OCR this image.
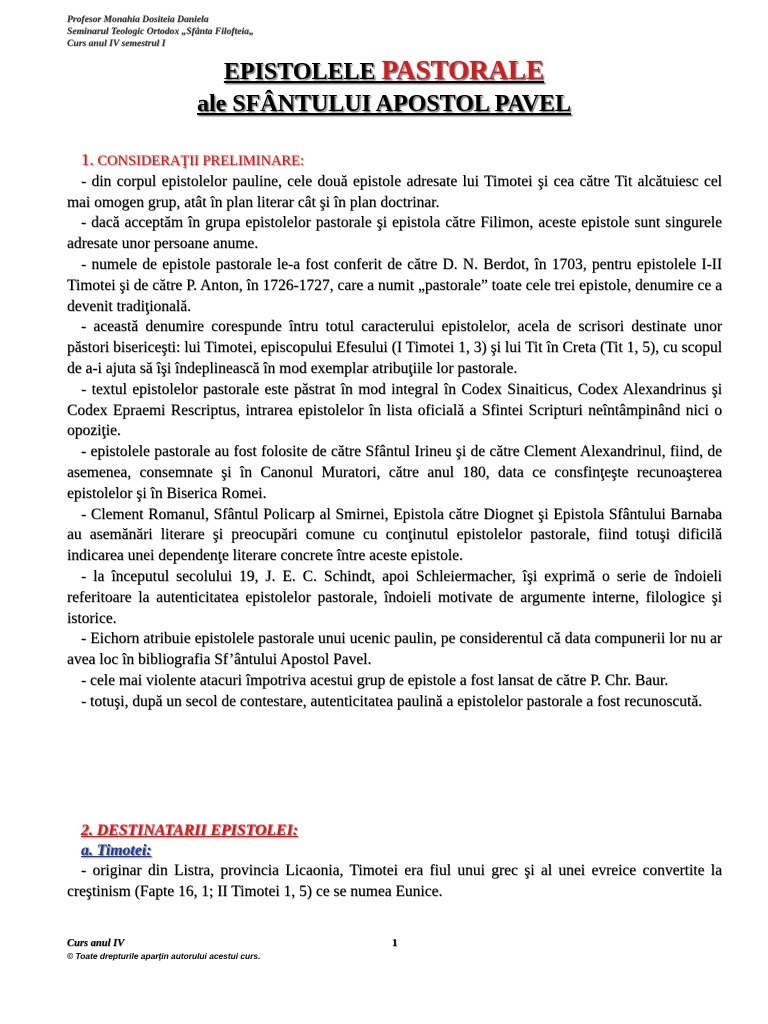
Profesor Monahia Dositeia Daniela
Seminarul Teologic Ortodox „Sfânta Filofteia„
Curs anul IV semestrul I
EPISTOLELE PASTORALE
ale SFÂNTULUI APOSTOL PAVEL
1. CONSIDERAŢII PRELIMINARE:

- din corpul epistolelor pauline, cele două epistole adresate lui Timotei şi cea către Tit alcătuiesc cel mai omogen grup, atât în plan literar cât şi în plan doctrinar.

- dacă acceptăm în grupa epistolelor pastorale şi epistola către Filimon, aceste epistole sunt singurele adresate unor persoane anume.

- numele de epistole pastorale le-a fost conferit de către D. N. Berdot, în 1703, pentru epistolele I-II Timotei şi de către P. Anton, în 1726-1727, care a numit „pastorale” toate cele trei epistole, denumire ce a devenit tradiţională.

- această denumire corespunde întru totul caracterului epistolelor, acela de scrisori destinate unor păstori bisericeşti: lui Timotei, episcopului Efesului (I Timotei 1, 3) şi lui Tit în Creta (Tit 1, 5), cu scopul de a-i ajuta să îşi îndeplinească în mod exemplar atribuţiile lor pastorale.

- textul epistolelor pastorale este păstrat în mod integral în Codex Sinaiticus, Codex Alexandrinus şi Codex Epraemi Rescriptus, intrarea epistolelor în lista oficială a Sfintei Scripturi neîntâmpinând nici o opoziţie.

- epistolele pastorale au fost folosite de către Sfântul Irineu şi de către Clement Alexandrinul, fiind, de asemenea, consemnate şi în Canonul Muratori, către anul 180, data ce consfinţeşte recunoaşterea epistolelor şi în Biserica Romei.

- Clement Romanul, Sfântul Policarp al Smirnei, Epistola către Diognet şi Epistola Sfântului Barnaba au asemănări literare şi preocupări comune cu conţinutul epistolelor pastorale, fiind totuşi dificilă indicarea unei dependenţe literare concrete între aceste epistole.

- la începutul secolului 19, J. E. C. Schindt, apoi Schleiermacher, îşi exprimă o serie de îndoieli referitoare la autenticitatea epistolelor pastorale, îndoieli motivate de argumente interne, filologice şi istorice.

- Eichorn atribuie epistolele pastorale unui ucenic paulin, pe considerentul că data compunerii lor nu ar avea loc în bibliografia Sf’ântului Apostol Pavel.

- cele mai violente atacuri împotriva acestui grup de epistole a fost lansat de către P. Chr. Baur.

- totuşi, după un secol de contestare, autenticitatea paulină a epistolelor pastorale a fost recunoscută.

2. DESTINATARII EPISTOLEI:
a. Timotei:

- originar din Listra, provincia Licaonia, Timotei era fiul unui grec şi al unei evreice convertite la creştinism (Fapte 16, 1; II Timotei 1, 5) ce se numea Eunice.

Curs anul IV	1
© Toate drepturile aparţin autorului acestui curs.
